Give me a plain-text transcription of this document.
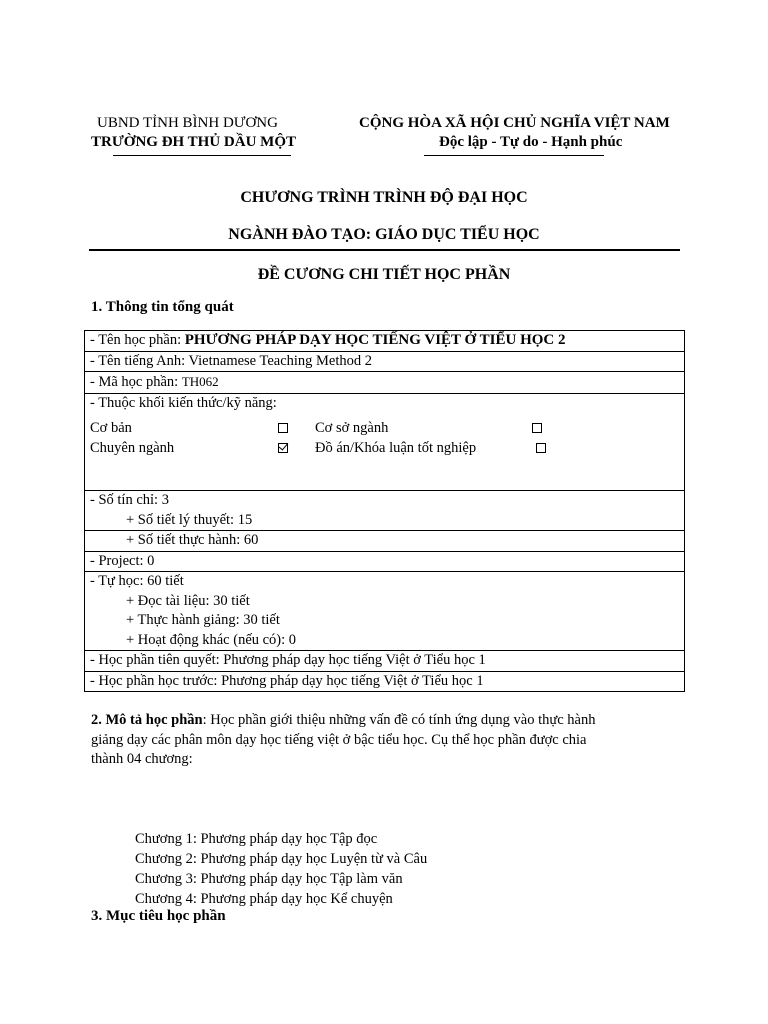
UBND TỈNH BÌNH DƯƠNG
TRƯỜNG ĐH THỦ DẦU MỘT
CỘNG HÒA XÃ HỘI CHỦ NGHĨA VIỆT NAM
Độc lập - Tự do - Hạnh phúc
CHƯƠNG TRÌNH TRÌNH ĐỘ ĐẠI HỌC
NGÀNH ĐÀO TẠO: GIÁO DỤC TIỂU HỌC
ĐỀ CƯƠNG CHI TIẾT HỌC PHẦN
1. Thông tin tổng quát
- Tên học phần: PHƯƠNG PHÁP DẠY HỌC TIẾNG VIỆT Ở TIỂU HỌC 2
- Tên tiếng Anh: Vietnamese Teaching Method 2
- Mã học phần: TH062
- Thuộc khối kiến thức/kỹ năng:
Cơ bản	Cơ sở ngành
Chuyên ngành	Đồ án/Khóa luận tốt nghiệp
- Số tín chỉ: 3
+ Số tiết lý thuyết: 15
+ Số tiết thực hành: 60
- Project: 0
- Tự học: 60 tiết
+ Đọc tài liệu: 30 tiết
+ Thực hành giảng: 30 tiết
+ Hoạt động khác (nếu có): 0
- Học phần tiên quyết: Phương pháp dạy học tiếng Việt ở Tiểu học 1
- Học phần học trước: Phương pháp dạy học tiếng Việt ở Tiểu học 1
2. Mô tả học phần: Học phần giới thiệu những vấn đề có tính ứng dụng vào thực hành
giảng dạy các phân môn dạy học tiếng việt ở bậc tiểu học. Cụ thể học phần được chia
thành 04 chương:
Chương 1: Phương pháp dạy học Tập đọc
Chương 2: Phương pháp dạy học Luyện từ và Câu
Chương 3: Phương pháp dạy học Tập làm văn
Chương 4: Phương pháp dạy học Kể chuyện
3. Mục tiêu học phần
